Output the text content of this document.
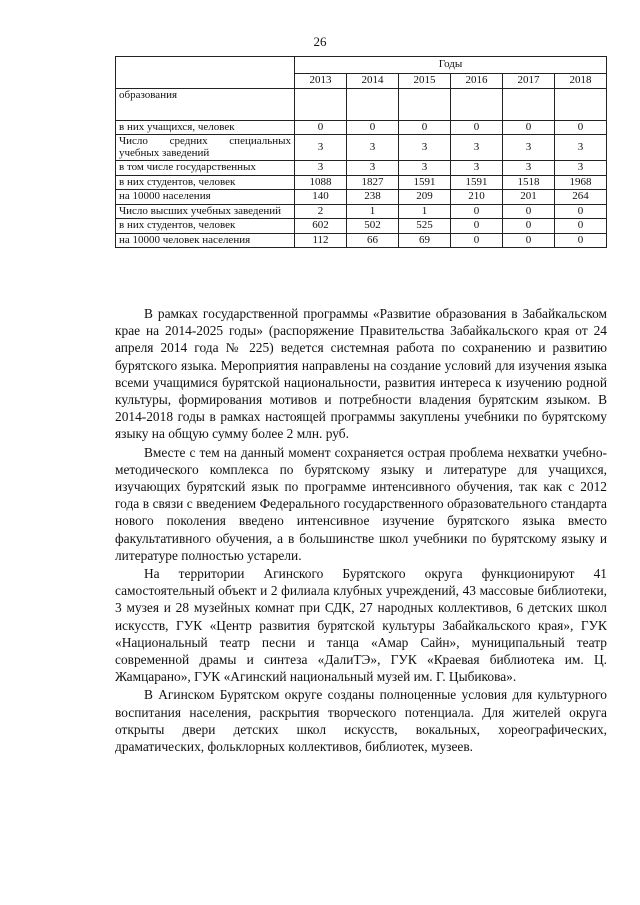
26
	Годы					
	2013	2014	2015	2016	2017	2018
образования						
в них учащихся, человек	0	0	0	0	0	0
Число средних специальных учебных заведений	3	3	3	3	3	3
в том числе государственных	3	3	3	3	3	3
в них студентов, человек	1088	1827	1591	1591	1518	1968
на 10000 населения	140	238	209	210	201	264
Число высших учебных заведений	2	1	1	0	0	0
в них студентов, человек	602	502	525	0	0	0
на 10000 человек населения	112	66	69	0	0	0

В рамках государственной программы «Развитие образования в Забайкальском крае на 2014-2025 годы» (распоряжение Правительства Забайкальского края от 24 апреля 2014 года № 225) ведется системная работа по сохранению и развитию бурятского языка. Мероприятия направлены на создание условий для изучения языка всеми учащимися бурятской национальности, развития интереса к изучению родной культуры, формирования мотивов и потребности владения бурятским языком. В 2014-2018 годы в рамках настоящей программы закуплены учебники по бурятскому языку на общую сумму более 2 млн. руб.

Вместе с тем на данный момент сохраняется острая проблема нехватки учебно-методического комплекса по бурятскому языку и литературе для учащихся, изучающих бурятский язык по программе интенсивного обучения, так как с 2012 года в связи с введением Федерального государственного образовательного стандарта нового поколения введено интенсивное изучение бурятского языка вместо факультативного обучения, а в большинстве школ учебники по бурятскому языку и литературе полностью устарели.

На территории Агинского Бурятского округа функционируют 41 самостоятельный объект и 2 филиала клубных учреждений, 43 массовые библиотеки, 3 музея и 28 музейных комнат при СДК, 27 народных коллективов, 6 детских школ искусств, ГУК «Центр развития бурятской культуры Забайкальского края», ГУК «Национальный театр песни и танца «Амар Сайн», муниципальный театр современной драмы и синтеза «ДалиТЭ», ГУК «Краевая библиотека им. Ц. Жамцарано», ГУК «Агинский национальный музей им. Г. Цыбикова».

В Агинском Бурятском округе созданы полноценные условия для культурного воспитания населения, раскрытия творческого потенциала. Для жителей округа открыты двери детских школ искусств, вокальных, хореографических, драматических, фольклорных коллективов, библиотек, музеев.
